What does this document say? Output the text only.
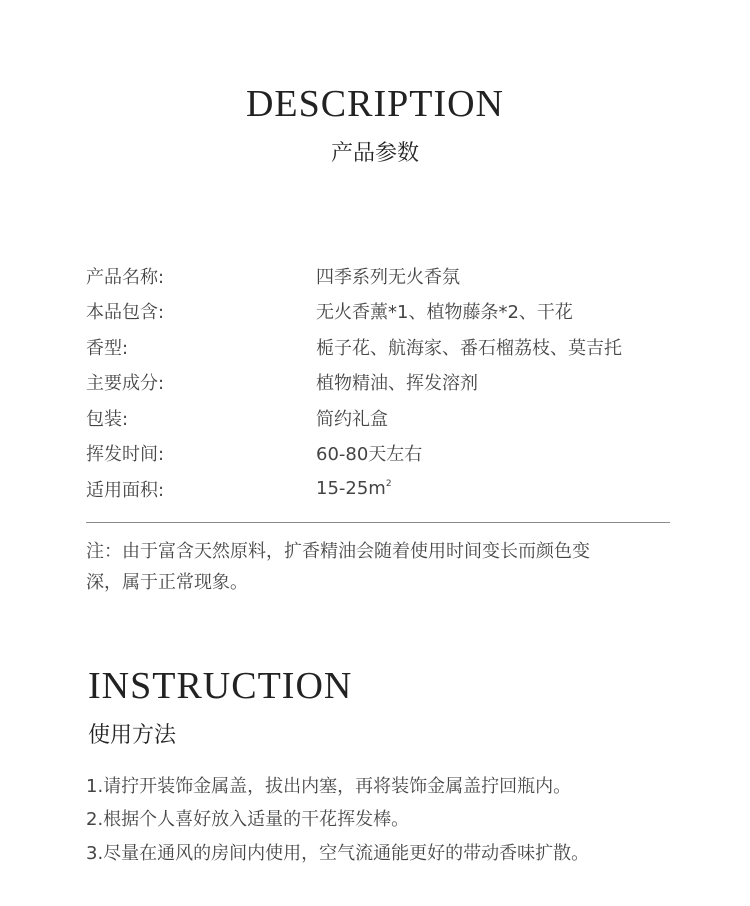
DESCRIPTION
产品参数
产品名称:	四季系列无火香氛
本品包含:	无火香薰*1、植物藤条*2、干花
香型:	栀子花、航海家、番石榴荔枝、莫吉托
主要成分:	植物精油、挥发溶剂
包装:	简约礼盒
挥发时间:	60-80天左右
适用面积:	$15-25m^2$
注：由于富含天然原料，扩香精油会随着使用时间变长而颜色变
深，属于正常现象。
INSTRUCTION
使用方法
1.请拧开装饰金属盖，拔出内塞，再将装饰金属盖拧回瓶内。
2.根据个人喜好放入适量的干花挥发棒。
3.尽量在通风的房间内使用，空气流通能更好的带动香味扩散。
